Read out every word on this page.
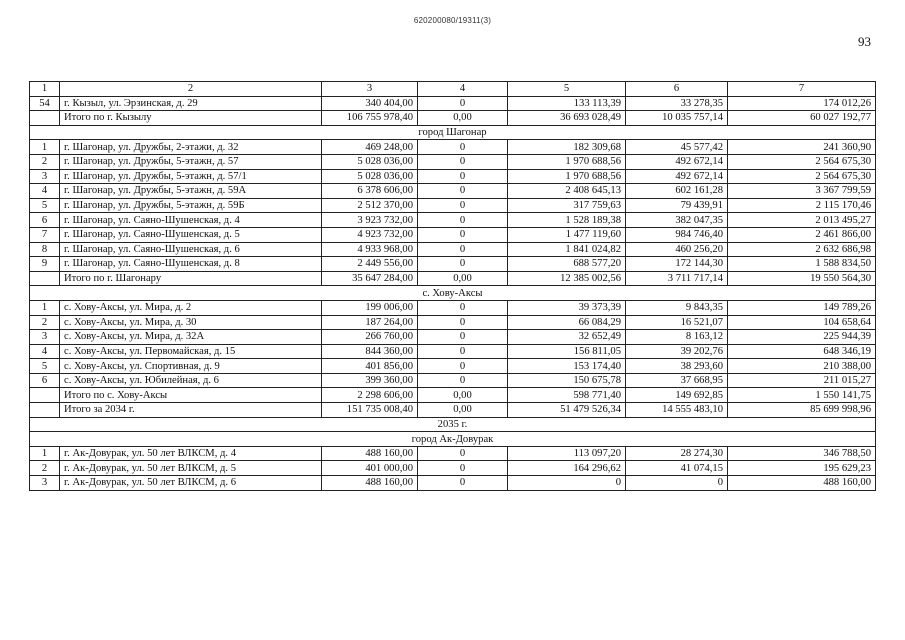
620200080/19311(3)
93
1	2	3	4	5	6	7
54	г. Кызыл, ул. Эрзинская, д. 29	340 404,00	0	133 113,39	33 278,35	174 012,26
	Итого по г. Кызылу	106 755 978,40	0,00	36 693 028,49	10 035 757,14	60 027 192,77
город Шагонар						
1	г. Шагонар, ул. Дружбы, 2-этажи, д. 32	469 248,00	0	182 309,68	45 577,42	241 360,90
2	г. Шагонар, ул. Дружбы, 5-этажн, д. 57	5 028 036,00	0	1 970 688,56	492 672,14	2 564 675,30
3	г. Шагонар, ул. Дружбы, 5-этажн, д. 57/1	5 028 036,00	0	1 970 688,56	492 672,14	2 564 675,30
4	г. Шагонар, ул. Дружбы, 5-этажн, д. 59А	6 378 606,00	0	2 408 645,13	602 161,28	3 367 799,59
5	г. Шагонар, ул. Дружбы, 5-этажн, д. 59Б	2 512 370,00	0	317 759,63	79 439,91	2 115 170,46
6	г. Шагонар, ул. Саяно-Шушенская, д. 4	3 923 732,00	0	1 528 189,38	382 047,35	2 013 495,27
7	г. Шагонар, ул. Саяно-Шушенская, д. 5	4 923 732,00	0	1 477 119,60	984 746,40	2 461 866,00
8	г. Шагонар, ул. Саяно-Шушенская, д. 6	4 933 968,00	0	1 841 024,82	460 256,20	2 632 686,98
9	г. Шагонар, ул. Саяно-Шушенская, д. 8	2 449 556,00	0	688 577,20	172 144,30	1 588 834,50
	Итого по г. Шагонару	35 647 284,00	0,00	12 385 002,56	3 711 717,14	19 550 564,30
с. Хову-Аксы						
1	с. Хову-Аксы, ул. Мира, д. 2	199 006,00	0	39 373,39	9 843,35	149 789,26
2	с. Хову-Аксы, ул. Мира, д. 30	187 264,00	0	66 084,29	16 521,07	104 658,64
3	с. Хову-Аксы, ул. Мира, д. 32А	266 760,00	0	32 652,49	8 163,12	225 944,39
4	с. Хову-Аксы, ул. Первомайская, д. 15	844 360,00	0	156 811,05	39 202,76	648 346,19
5	с. Хову-Аксы, ул. Спортивная, д. 9	401 856,00	0	153 174,40	38 293,60	210 388,00
6	с. Хову-Аксы, ул. Юбилейная, д. 6	399 360,00	0	150 675,78	37 668,95	211 015,27
	Итого по с. Хову-Аксы	2 298 606,00	0,00	598 771,40	149 692,85	1 550 141,75
	Итого за 2034 г.	151 735 008,40	0,00	51 479 526,34	14 555 483,10	85 699 998,96
2035 г.						
город Ак-Довурак						
1	г. Ак-Довурак, ул. 50 лет ВЛКСМ, д. 4	488 160,00	0	113 097,20	28 274,30	346 788,50
2	г. Ак-Довурак, ул. 50 лет ВЛКСМ, д. 5	401 000,00	0	164 296,62	41 074,15	195 629,23
3	г. Ак-Довурак, ул. 50 лет ВЛКСМ, д. 6	488 160,00	0	0	0	488 160,00
